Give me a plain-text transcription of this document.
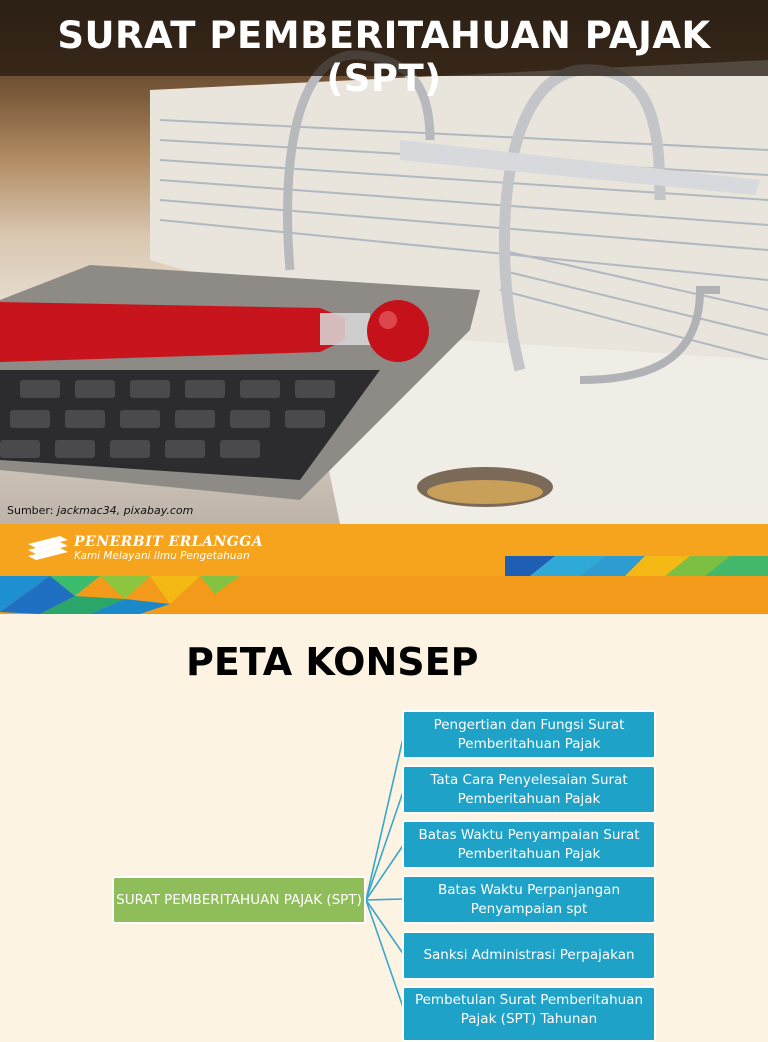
SURAT PEMBERITAHUAN PAJAK (SPT)
Sumber: jackmac34, pixabay.com
PENERBIT ERLANGGA
Kami Melayani Ilmu Pengetahuan
PETA KONSEP
SURAT PEMBERITAHUAN PAJAK (SPT)
Pengertian dan Fungsi Surat Pemberitahuan Pajak
Tata Cara Penyelesaian Surat Pemberitahuan Pajak
Batas Waktu Penyampaian Surat Pemberitahuan Pajak
Batas Waktu Perpanjangan Penyampaian spt
Sanksi Administrasi Perpajakan
Pembetulan Surat Pemberitahuan Pajak (SPT) Tahunan
